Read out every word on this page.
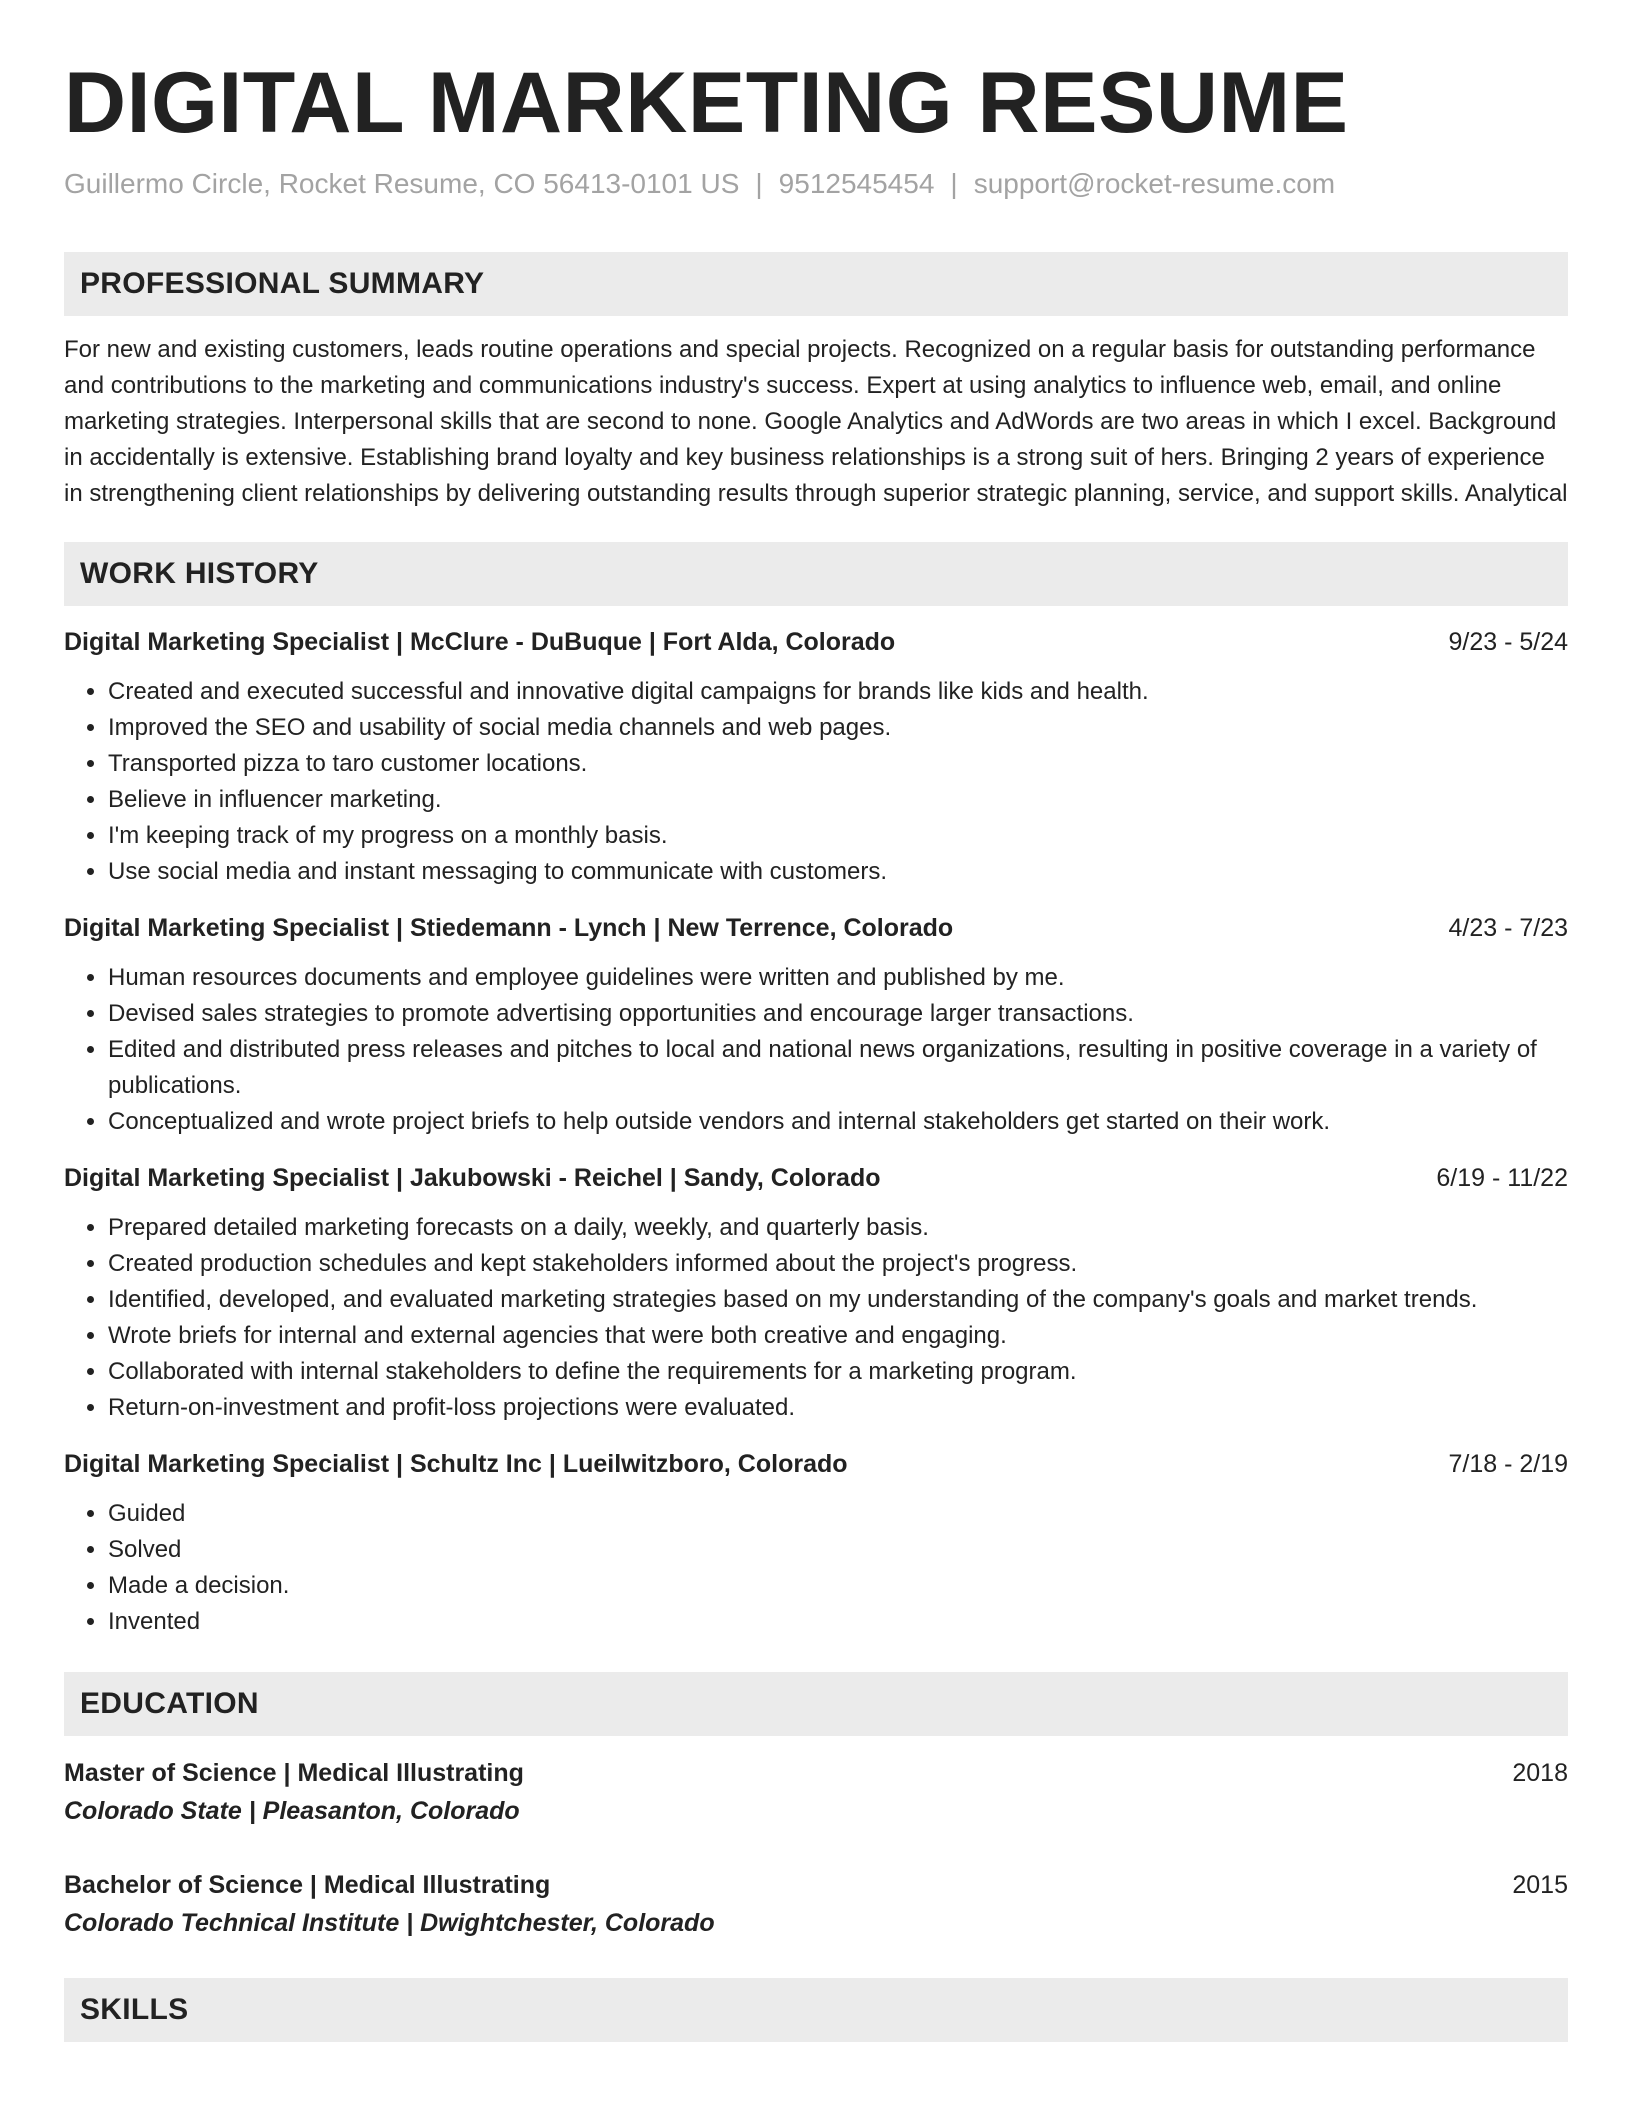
DIGITAL MARKETING RESUME
Guillermo Circle, Rocket Resume, CO 56413-0101 US | 9512545454 | support@rocket-resume.com
PROFESSIONAL SUMMARY

For new and existing customers, leads routine operations and special projects. Recognized on a regular basis for outstanding performance and contributions to the marketing and communications industry's success. Expert at using analytics to influence web, email, and online marketing strategies. Interpersonal skills that are second to none. Google Analytics and AdWords are two areas in which I excel. Background in accidentally is extensive. Establishing brand loyalty and key business relationships is a strong suit of hers. Bringing 2 years of experience in strengthening client relationships by delivering outstanding results through superior strategic planning, service, and support skills. Analytical

WORK HISTORY
Digital Marketing Specialist | McClure - DuBuque | Fort Alda, Colorado	9/23 - 5/24
• Created and executed successful and innovative digital campaigns for brands like kids and health.
• Improved the SEO and usability of social media channels and web pages.
• Transported pizza to taro customer locations.
• Believe in influencer marketing.
• I'm keeping track of my progress on a monthly basis.
• Use social media and instant messaging to communicate with customers.
Digital Marketing Specialist | Stiedemann - Lynch | New Terrence, Colorado	4/23 - 7/23
• Human resources documents and employee guidelines were written and published by me.
• Devised sales strategies to promote advertising opportunities and encourage larger transactions.
• Edited and distributed press releases and pitches to local and national news organizations, resulting in positive coverage in a variety of publications.
• Conceptualized and wrote project briefs to help outside vendors and internal stakeholders get started on their work.
Digital Marketing Specialist | Jakubowski - Reichel | Sandy, Colorado	6/19 - 11/22
• Prepared detailed marketing forecasts on a daily, weekly, and quarterly basis.
• Created production schedules and kept stakeholders informed about the project's progress.
• Identified, developed, and evaluated marketing strategies based on my understanding of the company's goals and market trends.
• Wrote briefs for internal and external agencies that were both creative and engaging.
• Collaborated with internal stakeholders to define the requirements for a marketing program.
• Return-on-investment and profit-loss projections were evaluated.
Digital Marketing Specialist | Schultz Inc | Lueilwitzboro, Colorado	7/18 - 2/19
• Guided
• Solved
• Made a decision.
• Invented
EDUCATION
Master of Science | Medical Illustrating	2018
Colorado State | Pleasanton, Colorado
Bachelor of Science | Medical Illustrating	2015
Colorado Technical Institute | Dwightchester, Colorado
SKILLS
